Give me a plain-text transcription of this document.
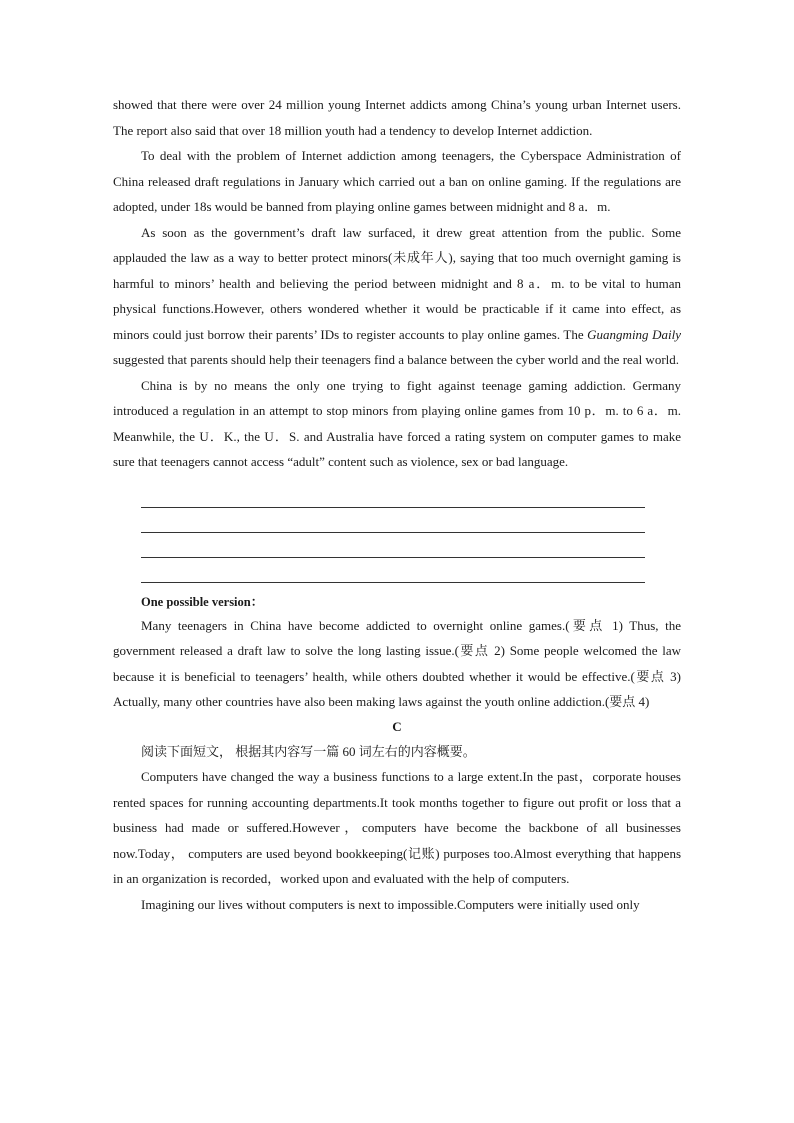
showed that there were over 24 million young Internet addicts among China’s young urban Internet users. The report also said that over 18 million youth had a tendency to develop Internet addiction.

To deal with the problem of Internet addiction among teenagers, the Cyberspace Administration of China released draft regulations in January which carried out a ban on online gaming. If the regulations are adopted, under 18s would be banned from playing online games between midnight and 8 a．m.

As soon as the government’s draft law surfaced, it drew great attention from the public. Some applauded the law as a way to better protect minors(未成年人), saying that too much overnight gaming is harmful to minors’ health and believing the period between midnight and 8 a．m. to be vital to human physical functions.However, others wondered whether it would be practicable if it came into effect, as minors could just borrow their parents’ IDs to register accounts to play online games. The Guangming Daily suggested that parents should help their teenagers find a balance between the cyber world and the real world.

China is by no means the only one trying to fight against teenage gaming addiction. Germany introduced a regulation in an attempt to stop minors from playing online games from 10 p．m. to 6 a．m. Meanwhile, the U．K., the U．S. and Australia have forced a rating system on computer games to make sure that teenagers cannot access “adult” content such as violence, sex or bad language.

One possible version：

Many teenagers in China have become addicted to overnight online games.(要点 1) Thus, the government released a draft law to solve the long lasting issue.(要点 2) Some people welcomed the law because it is beneficial to teenagers’ health, while others doubted whether it would be effective.(要点 3) Actually, many other countries have also been making laws against the youth online addiction.(要点 4)

C

阅读下面短文， 根据其内容写一篇 60 词左右的内容概要。

Computers have changed the way a business functions to a large extent.In the past，corporate houses rented spaces for running accounting departments.It took months together to figure out profit or loss that a business had made or suffered.However，computers have become the backbone of all businesses now.Today， computers are used beyond bookkeeping(记账) purposes too.Almost everything that happens in an organization is recorded，worked upon and evaluated with the help of computers.

Imagining our lives without computers is next to impossible.Computers were initially used only
